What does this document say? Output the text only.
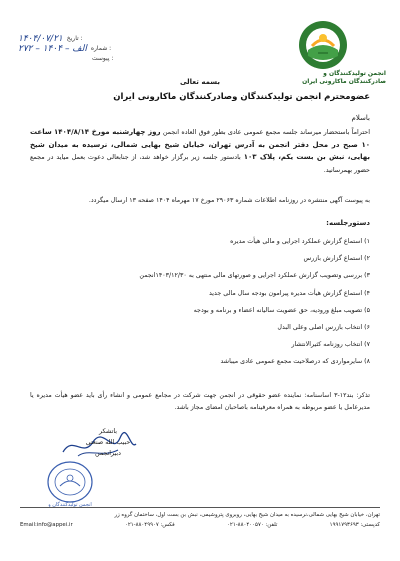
۱۴۰۴/۰۷/۲۱ تاریخ :
۲۷۲ – الف – ۱۴۰۴ شماره :
پیوست :
انجمن تولیدکنندگان و
صادرکنندگان ماکارونی ایران
بسمه تعالی
عضومحترم انجمن تولیدکنندگان وصادرکنندگان ماکارونی ایران
باسلام
احتراماً باستحضار میرساند جلسه مجمع عمومی عادی بطور فوق العاده انجمن روز چهارشنبه مورخ ۱۴۰۴/۸/۱۴ ساعت ۱۰ صبح در محل دفتر انجمن به آدرس تهران، خیابان شیخ بهایی شمالی، نرسیده به میدان شیخ بهایی، نبش بن بست یکم، پلاک ۱۰۳ بادستور جلسه زیر برگزار خواهد شد، از جنابعالی دعوت بعمل میاید در مجمع حضور بهمرسانید.
به پیوست آگهی منتشره در روزنامه اطلاعات شماره ۲۹۰۶۳ مورخ ۱۷ مهرماه ۱۴۰۴ صفحه ۱۳ ارسال میگردد.
دستورجلسه:
۱) استماع گزارش عملکرد اجرایی و مالی هیأت مدیره
۲) استماع گزارش بازرس
۳) بررسی وتصویب گزارش عملکرد اجرایی و صورتهای مالی منتهی به ۱۴۰۳/۱۲/۳۰انجمن
۴) استماع گزارش هیأت مدیره پیرامون بودجه سال مالی جدید
۵) تصویب مبلغ ورودیه، حق عضویت سالیانه اعضاء و برنامه و بودجه
۶) انتخاب بازرس اصلی وعلی البدل
۷) انتخاب روزنامه کثیرالانتشار
۸) سایرمواردی که درصلاحیت مجمع عمومی عادی میباشد
تذکر: بند۱۲-۳ اساسنامه: نماینده عضو حقوقی در انجمن جهت شرکت در مجامع عمومی و انشاء رأی باید عضو هیأت مدیره یا مدیرعامل یا عضو مربوطه به همراه معرفینامه باصاحبان امضای مجاز باشد.
انجمن تولیدکنندگان و
باتشکر
حبیب الله صنعتی
دبیرانجمن
تهران، خیابان شیخ بهایی شمالی،نرسیده به میدان شیخ بهایی، روبروی پتروشیمی، نبش بن بست اول، ساختمان گروه زر
کدپستی: ۱۹۹۱۷۹۳۶۹۳
تلفن: ۸۸۰۴۰۰۵۷۰-۰۲۱
فکس: ۸۸۰۴۹۹۰۷-۰۲۱
Email:info@appei.ir
